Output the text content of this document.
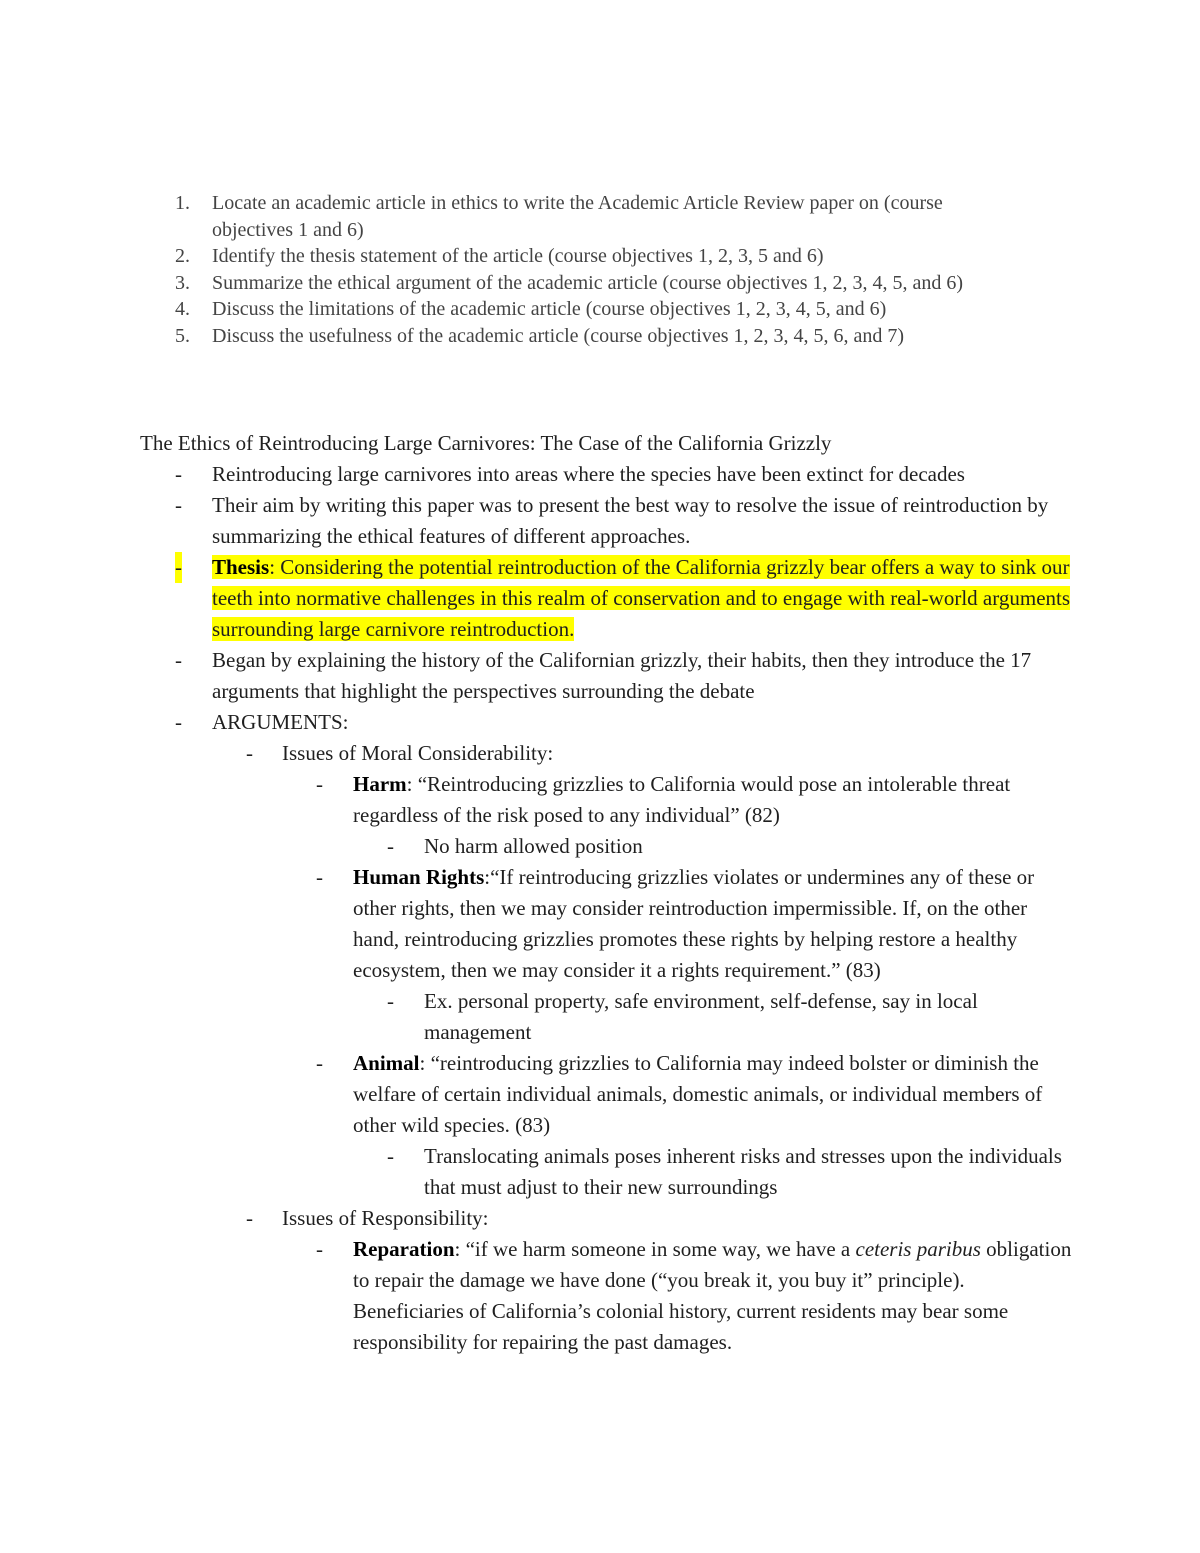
1.	Locate an academic article in ethics to write the Academic Article Review paper on (course objectives 1 and 6)
2.	Identify the thesis statement of the article (course objectives 1, 2, 3, 5 and 6)
3.	Summarize the ethical argument of the academic article (course objectives 1, 2, 3, 4, 5, and 6)
4.	Discuss the limitations of the academic article (course objectives 1, 2, 3, 4, 5, and 6)
5.	Discuss the usefulness of the academic article (course objectives 1, 2, 3, 4, 5, 6, and 7)
The Ethics of Reintroducing Large Carnivores: The Case of the California Grizzly
- Reintroducing large carnivores into areas where the species have been extinct for decades
- Their aim by writing this paper was to present the best way to resolve the issue of reintroduction by summarizing the ethical features of different approaches.
- Thesis: Considering the potential reintroduction of the California grizzly bear offers a way to sink our teeth into normative challenges in this realm of conservation and to engage with real-world arguments surrounding large carnivore reintroduction.
- Began by explaining the history of the Californian grizzly, their habits, then they introduce the 17 arguments that highlight the perspectives surrounding the debate
- ARGUMENTS:
- Issues of Moral Considerability:
- Harm: “Reintroducing grizzlies to California would pose an intolerable threat regardless of the risk posed to any individual” (82)
- No harm allowed position
- Human Rights:“If reintroducing grizzlies violates or undermines any of these or other rights, then we may consider reintroduction impermissible. If, on the other hand, reintroducing grizzlies promotes these rights by helping restore a healthy ecosystem, then we may consider it a rights requirement.” (83)
- Ex. personal property, safe environment, self-defense, say in local management
- Animal: “reintroducing grizzlies to California may indeed bolster or diminish the welfare of certain individual animals, domestic animals, or individual members of other wild species. (83)
- Translocating animals poses inherent risks and stresses upon the individuals that must adjust to their new surroundings
- Issues of Responsibility:
- Reparation: “if we harm someone in some way, we have a ceteris paribus obligation to repair the damage we have done (“you break it, you buy it” principle). Beneficiaries of California’s colonial history, current residents may bear some responsibility for repairing the past damages.
